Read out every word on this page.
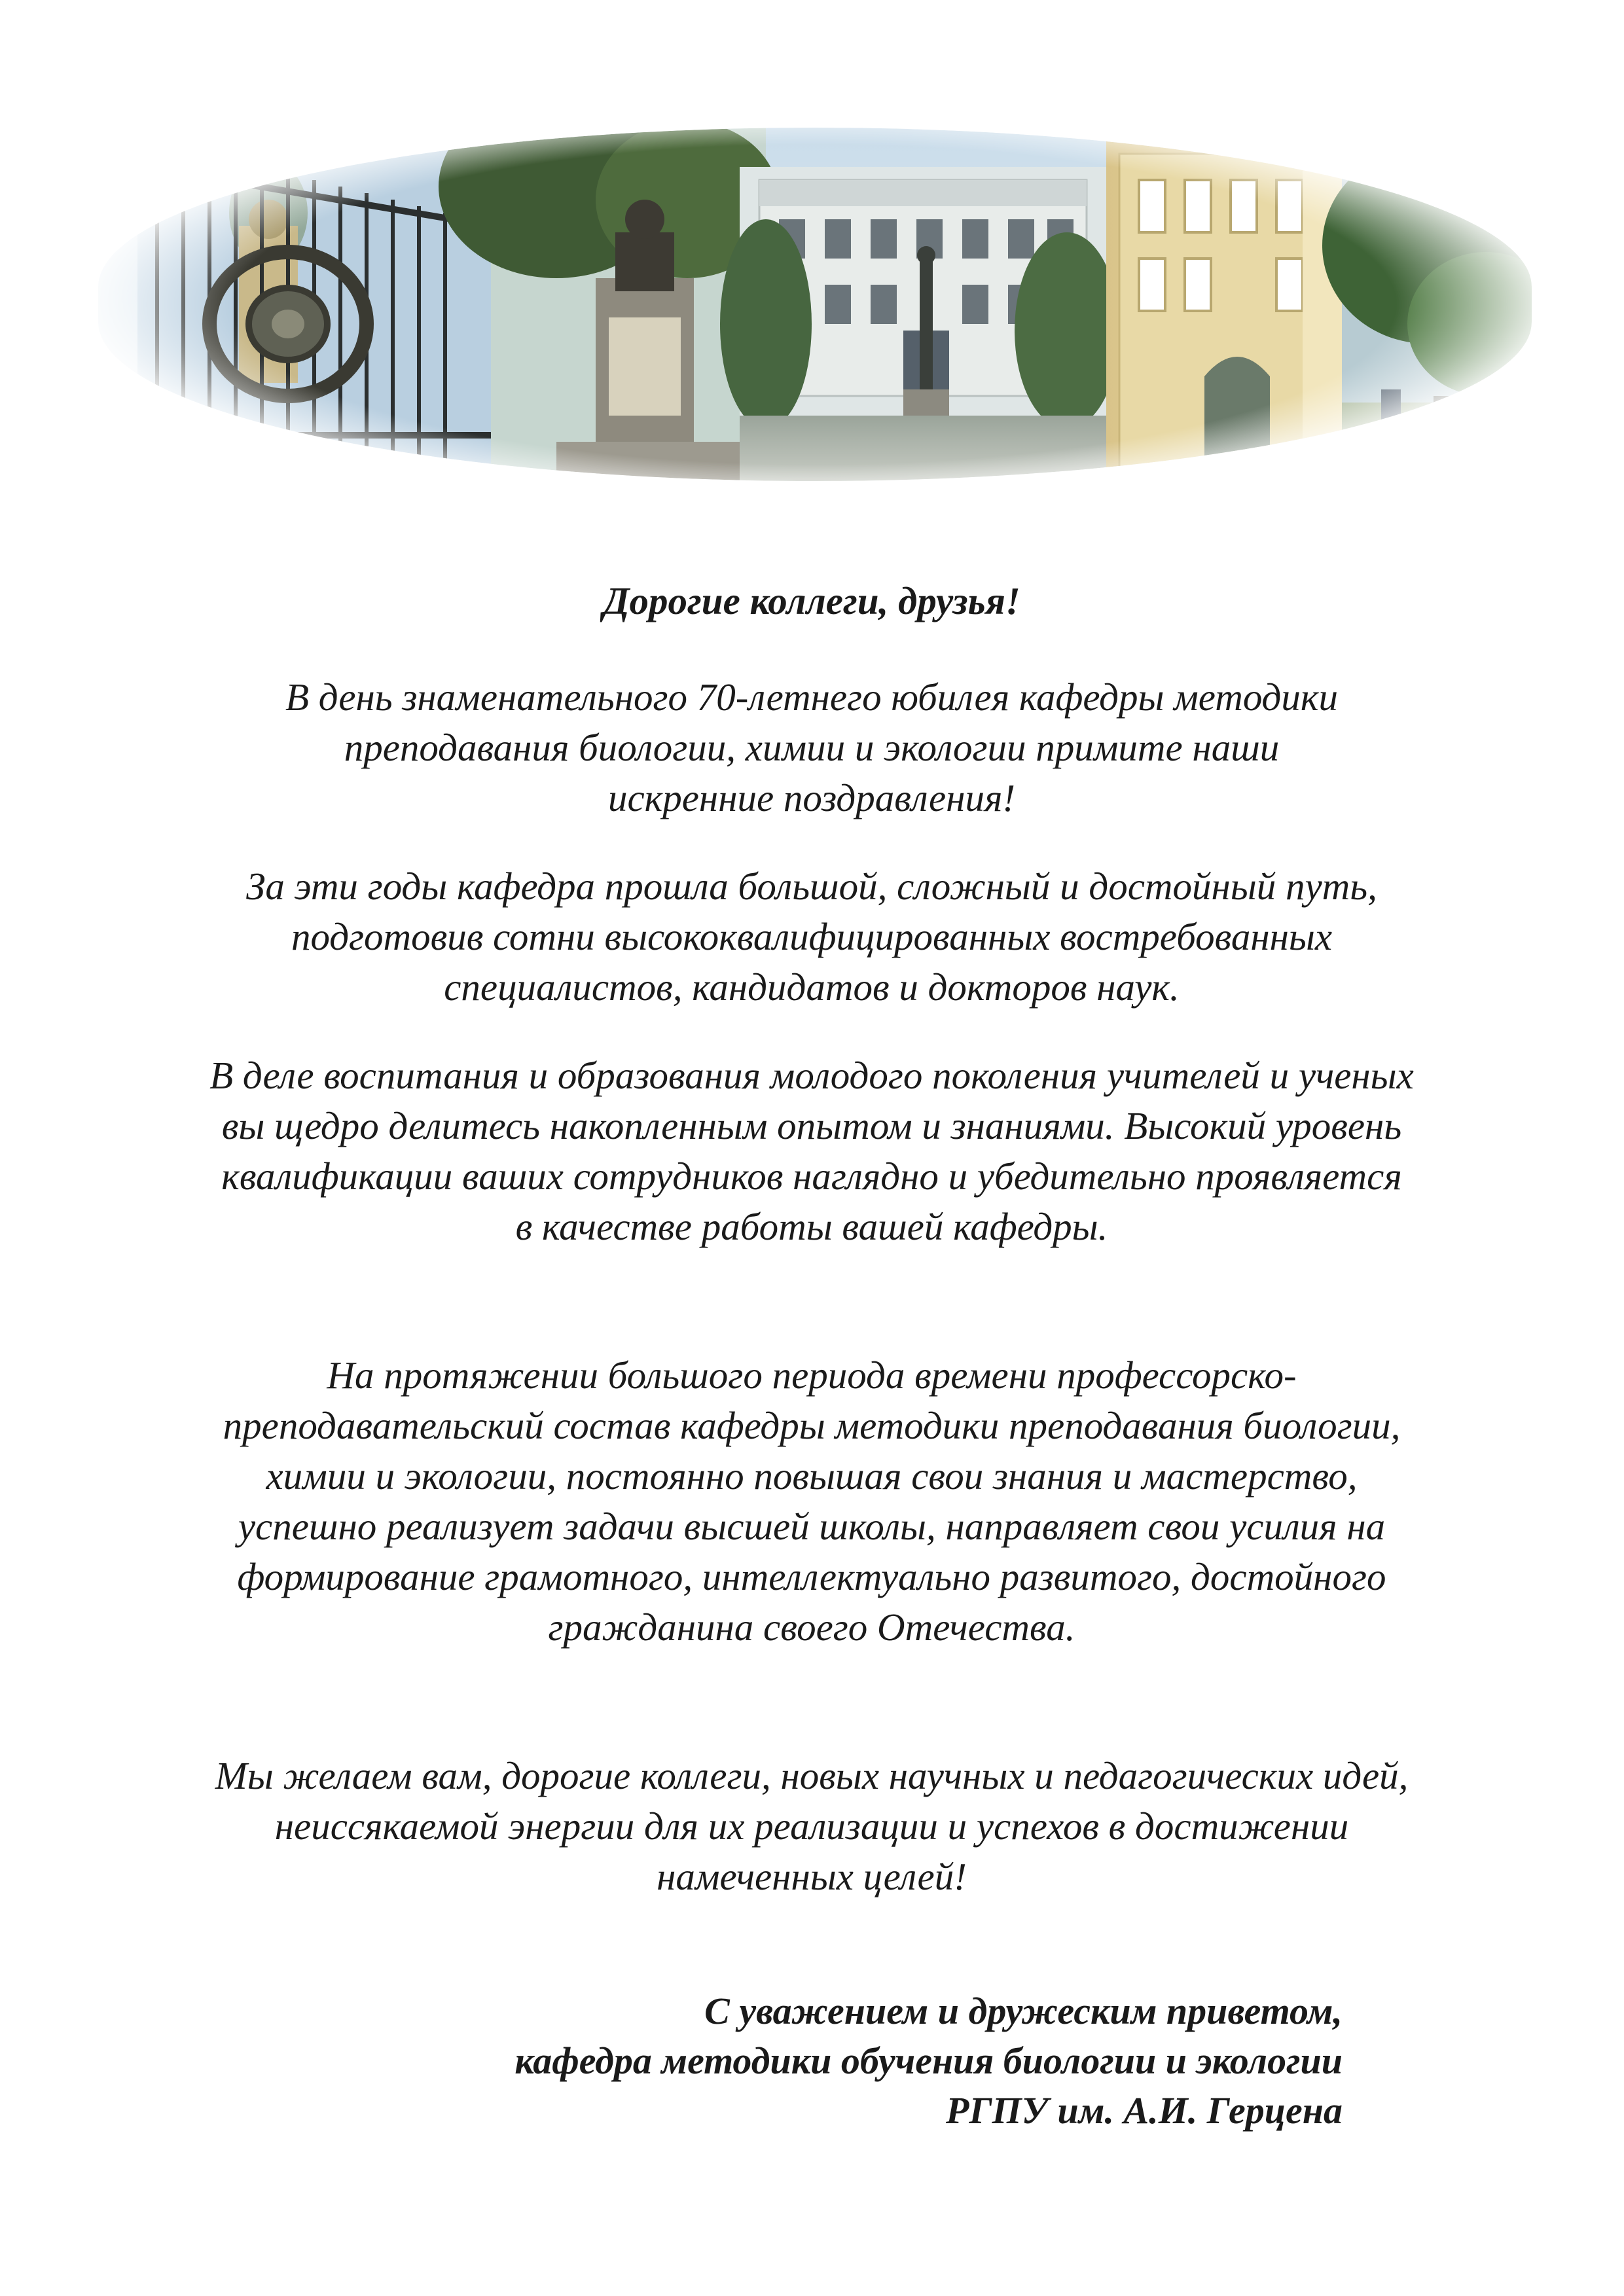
Дорогие коллеги, друзья!
В день знаменательного 70-летнего юбилея кафедры методики
преподавания биологии, химии и экологии примите наши
искренние поздравления!
За эти годы кафедра прошла большой, сложный и достойный путь,
подготовив сотни высококвалифицированных востребованных
специалистов, кандидатов и докторов наук.
В деле воспитания и образования молодого поколения учителей и ученых
вы щедро делитесь накопленным опытом и знаниями. Высокий уровень
квалификации ваших сотрудников наглядно и убедительно проявляется
в качестве работы вашей кафедры.
На протяжении большого периода времени профессорско-
преподавательский состав кафедры методики преподавания биологии,
химии и экологии, постоянно повышая свои знания и мастерство,
успешно реализует задачи высшей школы, направляет свои усилия на
формирование грамотного, интеллектуально развитого, достойного
гражданина своего Отечества.
Мы желаем вам, дорогие коллеги, новых научных и педагогических идей,
неиссякаемой энергии для их реализации и успехов в достижении
намеченных целей!
С уважением и дружеским приветом,
кафедра методики обучения биологии и экологии
РГПУ им. А.И. Герцена
